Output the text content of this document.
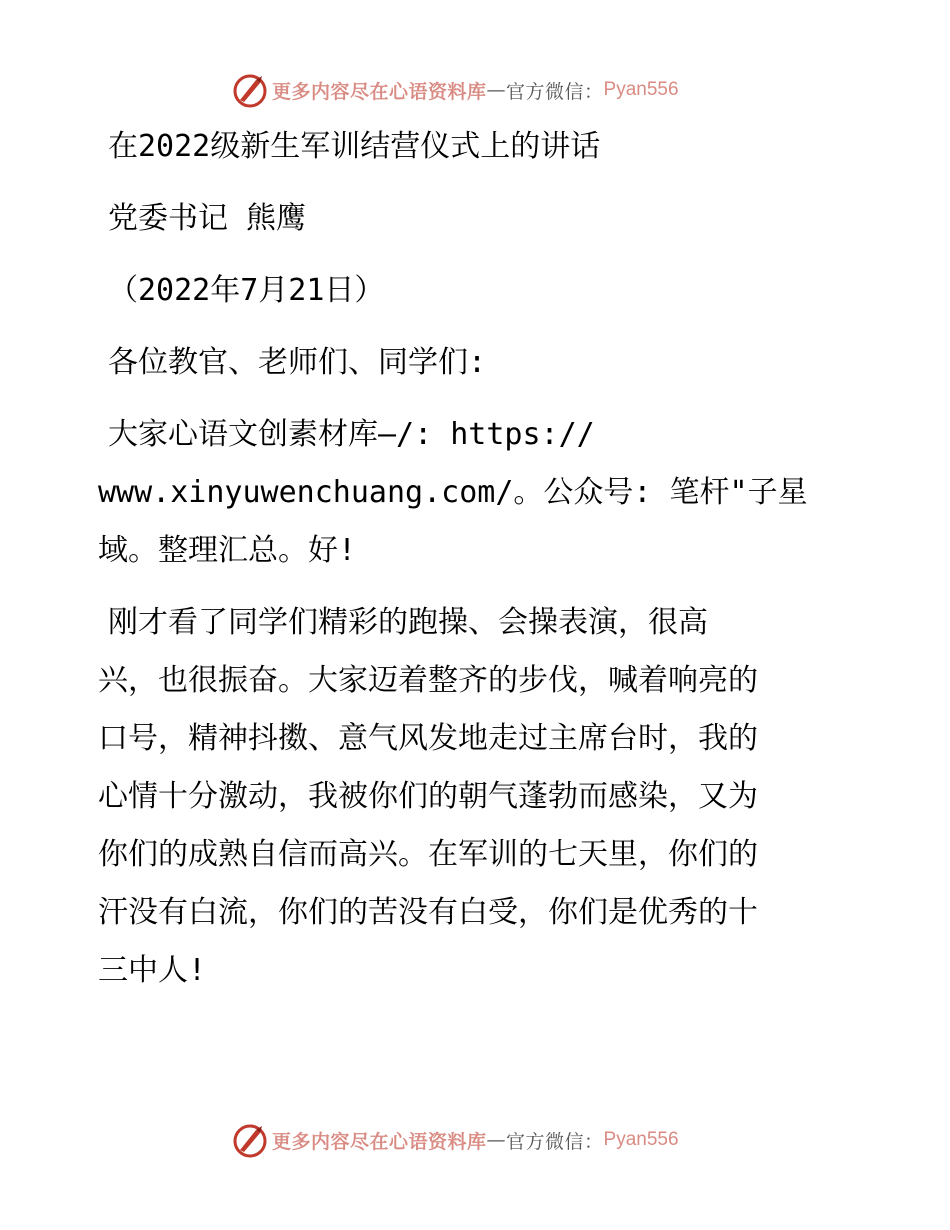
更多内容尽在心语资料库 — 官方微信： Pyan556

在2022级新生军训结营仪式上的讲话

党委书记 熊鹰

（2022年7月21日）

各位教官、老师们、同学们:

大家心语文创素材库—/: https://

www.xinyuwenchuang.com/。公众号: 笔杆"子星

域。整理汇总。好!

刚才看了同学们精彩的跑操、会操表演，很高

兴，也很振奋。大家迈着整齐的步伐，喊着响亮的

口号，精神抖擞、意气风发地走过主席台时，我的

心情十分激动，我被你们的朝气蓬勃而感染，又为

你们的成熟自信而高兴。在军训的七天里，你们的

汗没有白流，你们的苦没有白受，你们是优秀的十

三中人!

更多内容尽在心语资料库 — 官方微信： Pyan556
